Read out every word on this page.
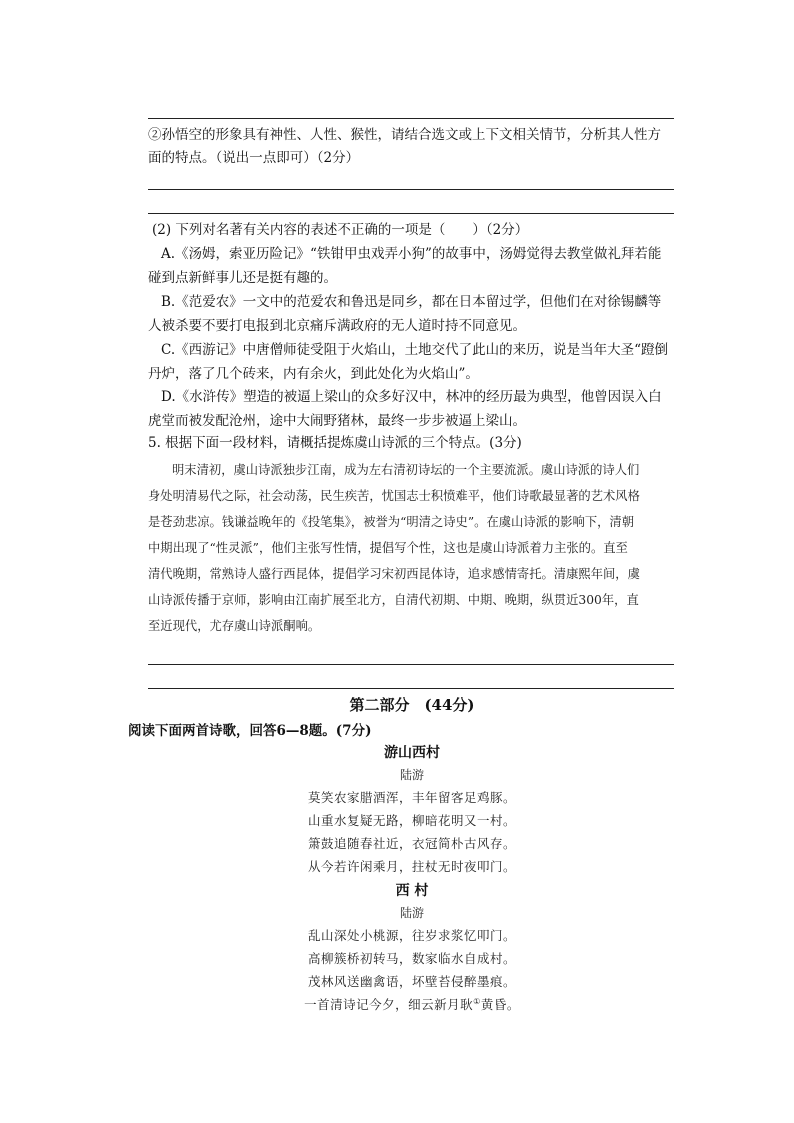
②孙悟空的形象具有神性、人性、猴性，请结合选文或上下文相关情节，分析其人性方
面的特点。（说出一点即可）（2分）
(2) 下列对名著有关内容的表述不正确的一项是（　　）（2分）
A.《汤姆，索亚历险记》“铁钳甲虫戏弄小狗”的故事中，汤姆觉得去教堂做礼拜若能
碰到点新鲜事儿还是挺有趣的。
B.《范爱农》一文中的范爱农和鲁迅是同乡，都在日本留过学，但他们在对徐锡麟等
人被杀要不要打电报到北京痛斥满政府的无人道时持不同意见。
C.《西游记》中唐僧师徒受阻于火焰山，土地交代了此山的来历，说是当年大圣“蹬倒
丹炉，落了几个砖来，内有余火，到此处化为火焰山”。
D.《水浒传》塑造的被逼上梁山的众多好汉中，林冲的经历最为典型，他曾因误入白
虎堂而被发配沧州，途中大闹野猪林，最终一步步被逼上梁山。
5. 根据下面一段材料，请概括提炼虞山诗派的三个特点。(3分)
明末清初，虞山诗派独步江南，成为左右清初诗坛的一个主要流派。虞山诗派的诗人们
身处明清易代之际，社会动荡，民生疾苦，忧国志士积愤难平，他们诗歌最显著的艺术风格
是苍劲悲凉。钱谦益晚年的《投笔集》，被誉为“明清之诗史”。在虞山诗派的影响下，清朝
中期出现了“性灵派”，他们主张写性情，提倡写个性，这也是虞山诗派着力主张的。直至
清代晚期，常熟诗人盛行西昆体，提倡学习宋初西昆体诗，追求感情寄托。清康熙年间，虞
山诗派传播于京师，影响由江南扩展至北方，自清代初期、中期、晚期，纵贯近300年，直
至近现代，尤存虞山诗派酮响。
第二部分　(44分)
阅读下面两首诗歌，回答6—8题。(7分)
游山西村
陆游
莫笑农家腊酒浑，丰年留客足鸡豚。
山重水复疑无路，柳暗花明又一村。
箫鼓追随春社近，衣冠简朴古风存。
从今若许闲乘月，拄杖无时夜叩门。
西 村
陆游
乱山深处小桃源，往岁求浆忆叩门。
高柳簇桥初转马，数家临水自成村。
茂林风送幽禽语，坏壁苔侵醉墨痕。
一首清诗记今夕，细云新月耿①黄昏。
